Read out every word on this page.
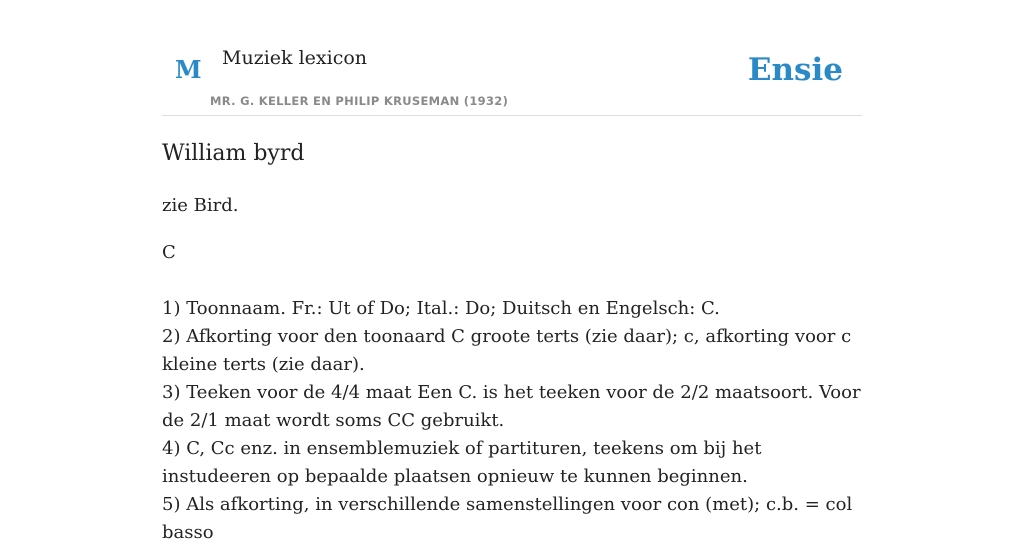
M Muziek lexicon
MR. G. KELLER EN PHILIP KRUSEMAN (1932)
Ensie
William byrd

zie Bird.

C

1) Toonnaam. Fr.: Ut of Do; Ital.: Do; Duitsch en Engelsch: C.
2) Afkorting voor den toonaard C groote terts (zie daar); c, afkorting voor c kleine terts (zie daar).
3) Teeken voor de 4/4 maat Een C. is het teeken voor de 2/2 maatsoort. Voor de 2/1 maat wordt soms CC gebruikt.
4) C, Cc enz. in ensemblemuziek of partituren, teekens om bij het instudeeren op bepaalde plaatsen opnieuw te kunnen beginnen.
5) Als afkorting, in verschillende samenstellingen voor con (met); c.b. = col basso
